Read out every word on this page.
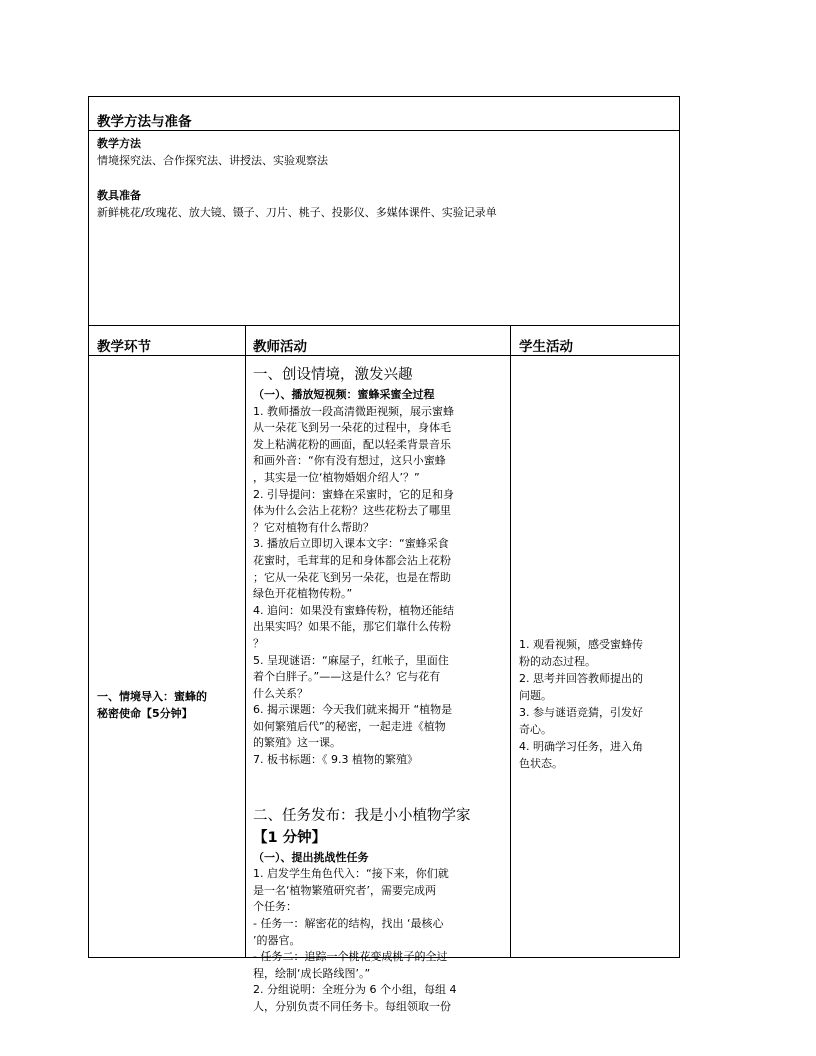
教学方法与准备
教学方法
情境探究法、合作探究法、讲授法、实验观察法
教具准备
新鲜桃花/玫瑰花、放大镜、镊子、刀片、桃子、投影仪、多媒体课件、实验记录单
教学环节	教师活动	学生活动
一、情境导入：蜜蜂的
秘密使命【5分钟】
一、创设情境，激发兴趣

（一）、播放短视频：蜜蜂采蜜全过程

1. 教师播放一段高清微距视频，展示蜜蜂

从一朵花飞到另一朵花的过程中，身体毛

发上粘满花粉的画面，配以轻柔背景音乐

和画外音：“你有没有想过，这只小蜜蜂

，其实是一位‘植物婚姻介绍人’？”

2. 引导提问：蜜蜂在采蜜时，它的足和身

体为什么会沾上花粉？这些花粉去了哪里

？它对植物有什么帮助？

3. 播放后立即切入课本文字：“蜜蜂采食

花蜜时，毛茸茸的足和身体都会沾上花粉

；它从一朵花飞到另一朵花，也是在帮助

绿色开花植物传粉。”

4. 追问：如果没有蜜蜂传粉，植物还能结

出果实吗？如果不能，那它们靠什么传粉

？

5. 呈现谜语：“麻屋子，红帐子，里面住

着个白胖子。”——这是什么？它与花有

什么关系？

6. 揭示课题：今天我们就来揭开 “植物是

如何繁殖后代”的秘密，一起走进《植物

的繁殖》这一课。

7. 板书标题：《 9.3 植物的繁殖》

二、任务发布：我是小小植物学家
【1 分钟】

（一）、提出挑战性任务

1. 启发学生角色代入：“接下来，你们就

是一名‘植物繁殖研究者’，需要完成两

个任务：

- 任务一：解密花的结构，找出 ‘最核心

’的器官。

- 任务二：追踪一个桃花变成桃子的全过

程，绘制‘成长路线图’。”

2. 分组说明：全班分为 6 个小组，每组 4

人，分别负责不同任务卡。每组领取一份

1. 观看视频，感受蜜蜂传

粉的动态过程。

2. 思考并回答教师提出的

问题。

3. 参与谜语竞猜，引发好

奇心。

4. 明确学习任务，进入角

色状态。
